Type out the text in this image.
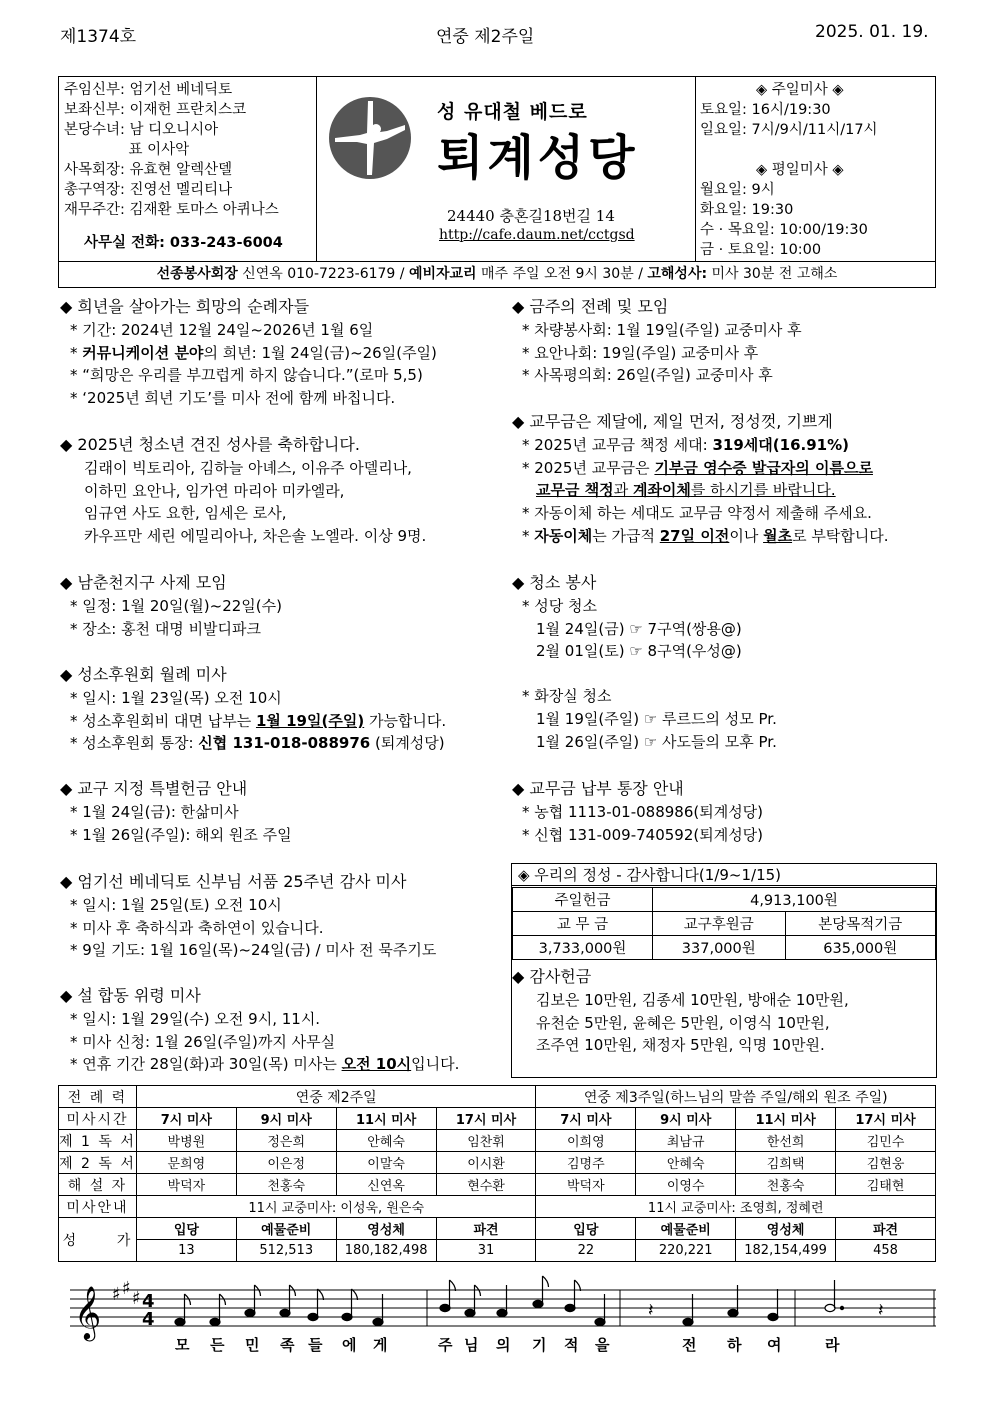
제1374호	연중 제2주일	2025. 01. 19.
주임신부: 엄기선 베네딕토
보좌신부: 이재헌 프란치스코
본당수녀: 남 디오니시아
표 이사악
사목회장: 유효현 알렉산델
총구역장: 진영선 멜리티나
재무주간: 김재환 토마스 아퀴나스
사무실 전화: 033-243-6004
성 유대철 베드로
퇴계성당
24440 충혼길18번길 14
http://cafe.daum.net/cctgsd
◈ 주일미사 ◈
토요일: 16시/19:30
일요일: 7시/9시/11시/17시
◈ 평일미사 ◈
월요일: 9시
화요일: 19:30
수 · 목요일: 10:00/19:30
금 · 토요일: 10:00
선종봉사회장 신연옥 010-7223-6179 / 예비자교리 매주 주일 오전 9시 30분 / 고해성사: 미사 30분 전 고해소
◆ 희년을 살아가는 희망의 순례자들
* 기간: 2024년 12월 24일~2026년 1월 6일
* 커뮤니케이션 분야의 희년: 1월 24일(금)~26일(주일)
* “희망은 우리를 부끄럽게 하지 않습니다.”(로마 5,5)
* ‘2025년 희년 기도’를 미사 전에 함께 바칩니다.
◆ 2025년 청소년 견진 성사를 축하합니다.
김래이 빅토리아, 김하늘 아녜스, 이유주 아델리나,
이하민 요안나, 임가연 마리아 미카엘라,
임규연 사도 요한, 임세은 로사,
카우프만 세린 에밀리아나, 차은솔 노엘라. 이상 9명.
◆ 남춘천지구 사제 모임
* 일정: 1월 20일(월)~22일(수)
* 장소: 홍천 대명 비발디파크
◆ 성소후원회 월례 미사
* 일시: 1월 23일(목) 오전 10시
* 성소후원회비 대면 납부는 1월 19일(주일) 가능합니다.
* 성소후원회 통장: 신협 131-018-088976 (퇴계성당)
◆ 교구 지정 특별헌금 안내
* 1월 24일(금): 한삶미사
* 1월 26일(주일): 해외 원조 주일
◆ 엄기선 베네딕토 신부님 서품 25주년 감사 미사
* 일시: 1월 25일(토) 오전 10시
* 미사 후 축하식과 축하연이 있습니다.
* 9일 기도: 1월 16일(목)~24일(금) / 미사 전 묵주기도
◆ 설 합동 위령 미사
* 일시: 1월 29일(수) 오전 9시, 11시.
* 미사 신청: 1월 26일(주일)까지 사무실
* 연휴 기간 28일(화)과 30일(목) 미사는 오전 10시입니다.
◆ 금주의 전례 및 모임
* 차량봉사회: 1월 19일(주일) 교중미사 후
* 요안나회: 19일(주일) 교중미사 후
* 사목평의회: 26일(주일) 교중미사 후
◆ 교무금은 제달에, 제일 먼저, 정성껏, 기쁘게
* 2025년 교무금 책정 세대: 319세대(16.91%)
* 2025년 교무금은 기부금 영수증 발급자의 이름으로
교무금 책정과 계좌이체를 하시기를 바랍니다.
* 자동이체 하는 세대도 교무금 약정서 제출해 주세요.
* 자동이체는 가급적 27일 이전이나 월초로 부탁합니다.
◆ 청소 봉사
* 성당 청소
1월 24일(금) ☞ 7구역(쌍용@)
2월 01일(토) ☞ 8구역(우성@)
* 화장실 청소
1월 19일(주일) ☞ 루르드의 성모 Pr.
1월 26일(주일) ☞ 사도들의 모후 Pr.
◆ 교무금 납부 통장 안내
* 농협 1113-01-088986(퇴계성당)
* 신협 131-009-740592(퇴계성당)
◈ 우리의 정성 - 감사합니다(1/9~1/15)
주일헌금	4,913,100원	
교 무 금	교구후원금	본당목적기금
3,733,000원	337,000원	635,000원
◆ 감사헌금
김보은 10만원, 김종세 10만원, 방애순 10만원,
유천순 5만원, 윤혜은 5만원, 이영식 10만원,
조주연 10만원, 채정자 5만원, 익명 10만원.
전 례 력	연중 제2주일				연중 제3주일(하느님의 말씀 주일/해외 원조 주일)			
미사시간	7시 미사	9시 미사	11시 미사	17시 미사	7시 미사	9시 미사	11시 미사	17시 미사
제 1 독 서	박병원	정은희	안혜숙	임찬휘	이희영	최남규	한선희	김민수
제 2 독 서	문희영	이은정	이말숙	이시환	김명주	안혜숙	김희택	김현웅
해 설 자	박덕자	천홍숙	신연옥	현수환	박덕자	이영수	천홍숙	김태현
미사안내	11시 교중미사: 이성욱, 원은숙				11시 교중미사: 조영희, 정혜련			
성      가	입당	예물준비	영성체	파견	입당	예물준비	영성체	파견
	13	512,513	180,182,498	31	22	220,221	182,154,499	458
𝄞 ♯ ♯ ♯ 4
4	𝄽	𝄽
모 든 민 족 들 에 게	주 님 의 기 적 을	전 하 여	라
